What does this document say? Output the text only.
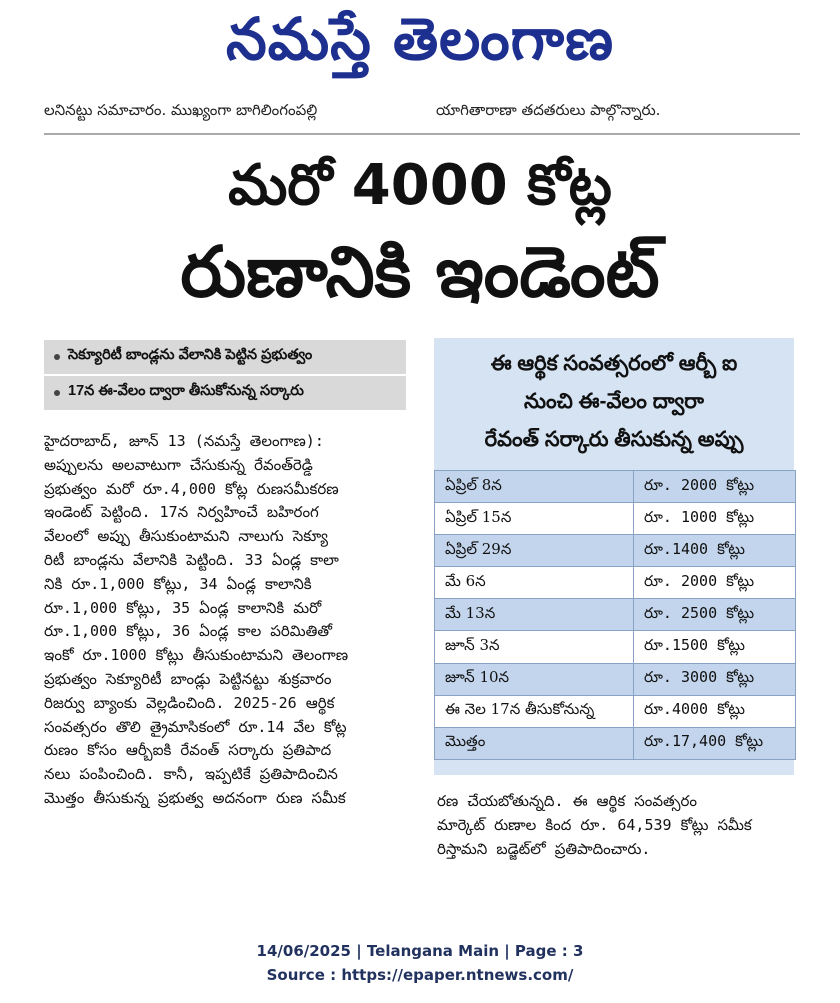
నమస్తే తెలంగాణ
లనినట్టు సమాచారం. ముఖ్యంగా బాగిలింగంపల్లి	యాగితారాణా తదతరులు పాల్గొన్నారు.
మరో 4000 కోట్ల
రుణానికి ఇండెంట్
సెక్యూరిటీ బాండ్లను వేలానికి పెట్టిన ప్రభుత్వం
17న ఈ-వేలం ద్వారా తీసుకోనున్న సర్కారు
హైదరాబాద్, జూన్ 13 (నమస్తే తెలంగాణ):
అప్పులను అలవాటుగా చేసుకున్న రేవంత్‌రెడ్డి
ప్రభుత్వం మరో రూ.4,000 కోట్ల రుణసమీకరణ
ఇండెంట్ పెట్టింది. 17న నిర్వహించే బహిరంగ
వేలంలో అప్పు తీసుకుంటామని నాలుగు సెక్యూ
రిటీ బాండ్లను వేలానికి పెట్టింది. 33 ఏండ్ల కాలా
నికి రూ.1,000 కోట్లు, 34 ఏండ్ల కాలానికి
రూ.1,000 కోట్లు, 35 ఏండ్ల కాలానికి మరో
రూ.1,000 కోట్లు, 36 ఏండ్ల కాల పరిమితితో
ఇంకో రూ.1000 కోట్లు తీసుకుంటామని తెలంగాణ
ప్రభుత్వం సెక్యూరిటీ బాండ్లు పెట్టినట్టు శుక్రవారం
రిజర్వు బ్యాంకు వెల్లడించింది. 2025-26 ఆర్థిక
సంవత్సరం తొలి త్రైమాసికంలో రూ.14 వేల కోట్ల
రుణం కోసం ఆర్బీఐకి రేవంత్ సర్కారు ప్రతిపాద
నలు పంపించింది. కానీ, ఇప్పటికే ప్రతిపాదించిన
మొత్తం తీసుకున్న ప్రభుత్వ అదనంగా రుణ సమీక
ఈ ఆర్థిక సంవత్సరంలో ఆర్బీ ఐ
నుంచి ఈ-వేలం ద్వారా
రేవంత్ సర్కారు తీసుకున్న అప్పు
ఏప్రిల్ 8న	రూ. 2000 కోట్లు
ఏప్రిల్ 15న	రూ. 1000 కోట్లు
ఏప్రిల్ 29న	రూ.1400 కోట్లు
మే 6న	రూ. 2000 కోట్లు
మే 13న	రూ. 2500 కోట్లు
జూన్ 3న	రూ.1500 కోట్లు
జూన్ 10న	రూ. 3000 కోట్లు
ఈ నెల 17న తీసుకోనున్న	రూ.4000 కోట్లు
మొత్తం	రూ.17,400 కోట్లు
రణ చేయబోతున్నది. ఈ ఆర్థిక సంవత్సరం
మార్కెట్ రుణాల కింద రూ. 64,539 కోట్లు సమీక
రిస్తామని బడ్జెట్‌లో ప్రతిపాదించారు.
14/06/2025 | Telangana Main | Page : 3
Source : https://epaper.ntnews.com/
